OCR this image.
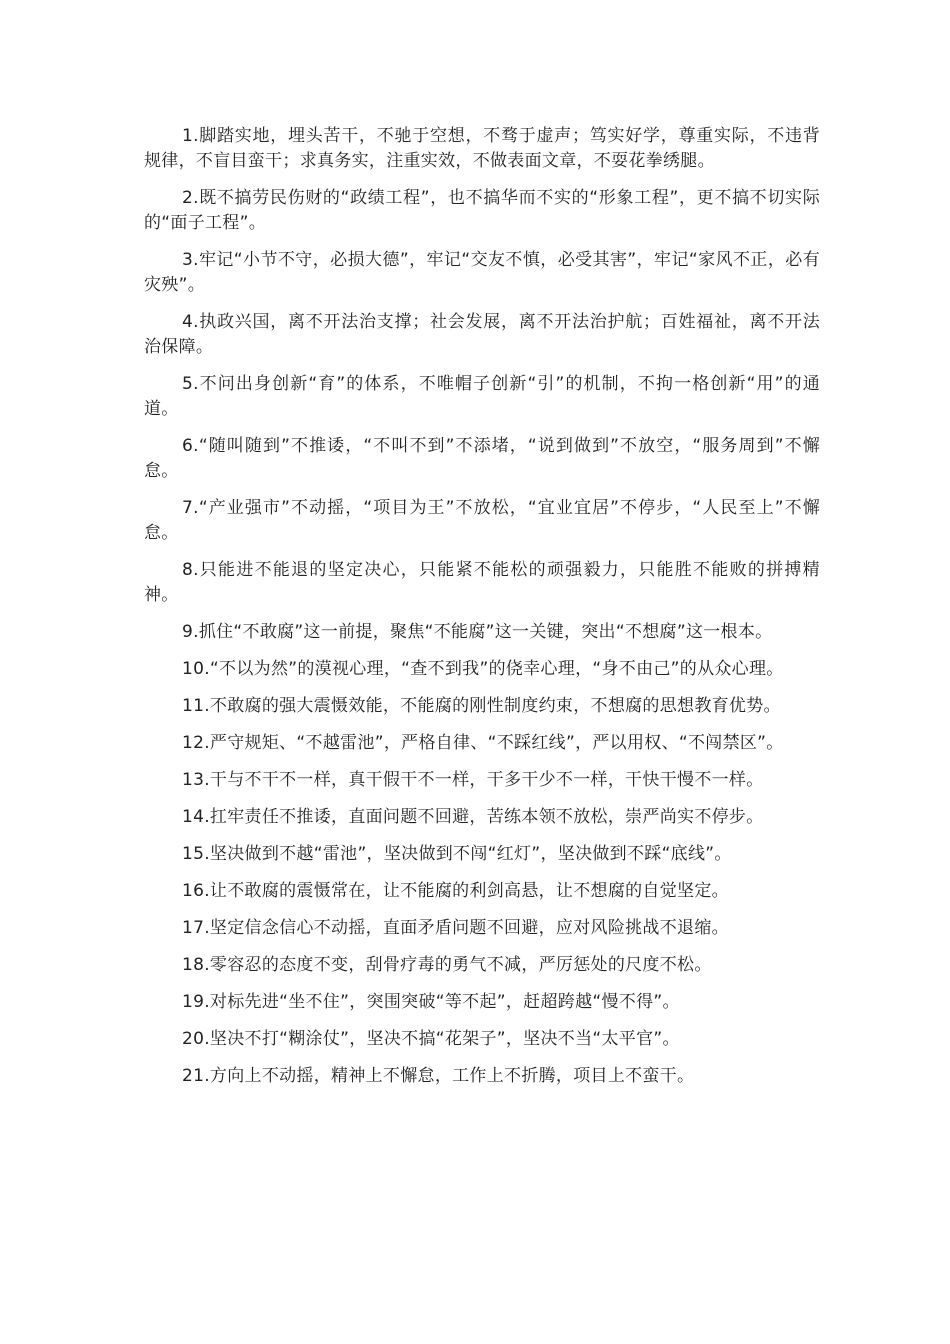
1.脚踏实地，埋头苦干，不驰于空想，不骛于虚声；笃实好学，尊重实际，不违背规律，不盲目蛮干；求真务实，注重实效，不做表面文章，不耍花拳绣腿。

2.既不搞劳民伤财的“政绩工程”，也不搞华而不实的“形象工程”，更不搞不切实际的“面子工程”。

3.牢记“小节不守，必损大德”，牢记“交友不慎，必受其害”，牢记“家风不正，必有灾殃”。

4.执政兴国，离不开法治支撑；社会发展，离不开法治护航；百姓福祉，离不开法治保障。

5.不问出身创新“育”的体系，不唯帽子创新“引”的机制，不拘一格创新“用”的通道。

6.“随叫随到”不推诿，“不叫不到”不添堵，“说到做到”不放空，“服务周到”不懈怠。

7.“产业强市”不动摇，“项目为王”不放松，“宜业宜居”不停步，“人民至上”不懈怠。

8.只能进不能退的坚定决心，只能紧不能松的顽强毅力，只能胜不能败的拼搏精神。

9.抓住“不敢腐”这一前提，聚焦“不能腐”这一关键，突出“不想腐”这一根本。

10.“不以为然”的漠视心理，“查不到我”的侥幸心理，“身不由己”的从众心理。

11.不敢腐的强大震慑效能，不能腐的刚性制度约束，不想腐的思想教育优势。

12.严守规矩、“不越雷池”，严格自律、“不踩红线”，严以用权、“不闯禁区”。

13.干与不干不一样，真干假干不一样，干多干少不一样，干快干慢不一样。

14.扛牢责任不推诿，直面问题不回避，苦练本领不放松，崇严尚实不停步。

15.坚决做到不越“雷池”，坚决做到不闯“红灯”，坚决做到不踩“底线”。

16.让不敢腐的震慑常在，让不能腐的利剑高悬，让不想腐的自觉坚定。

17.坚定信念信心不动摇，直面矛盾问题不回避，应对风险挑战不退缩。

18.零容忍的态度不变，刮骨疗毒的勇气不减，严厉惩处的尺度不松。

19.对标先进“坐不住”，突围突破“等不起”，赶超跨越“慢不得”。

20.坚决不打“糊涂仗”，坚决不搞“花架子”，坚决不当“太平官”。

21.方向上不动摇，精神上不懈怠，工作上不折腾，项目上不蛮干。
